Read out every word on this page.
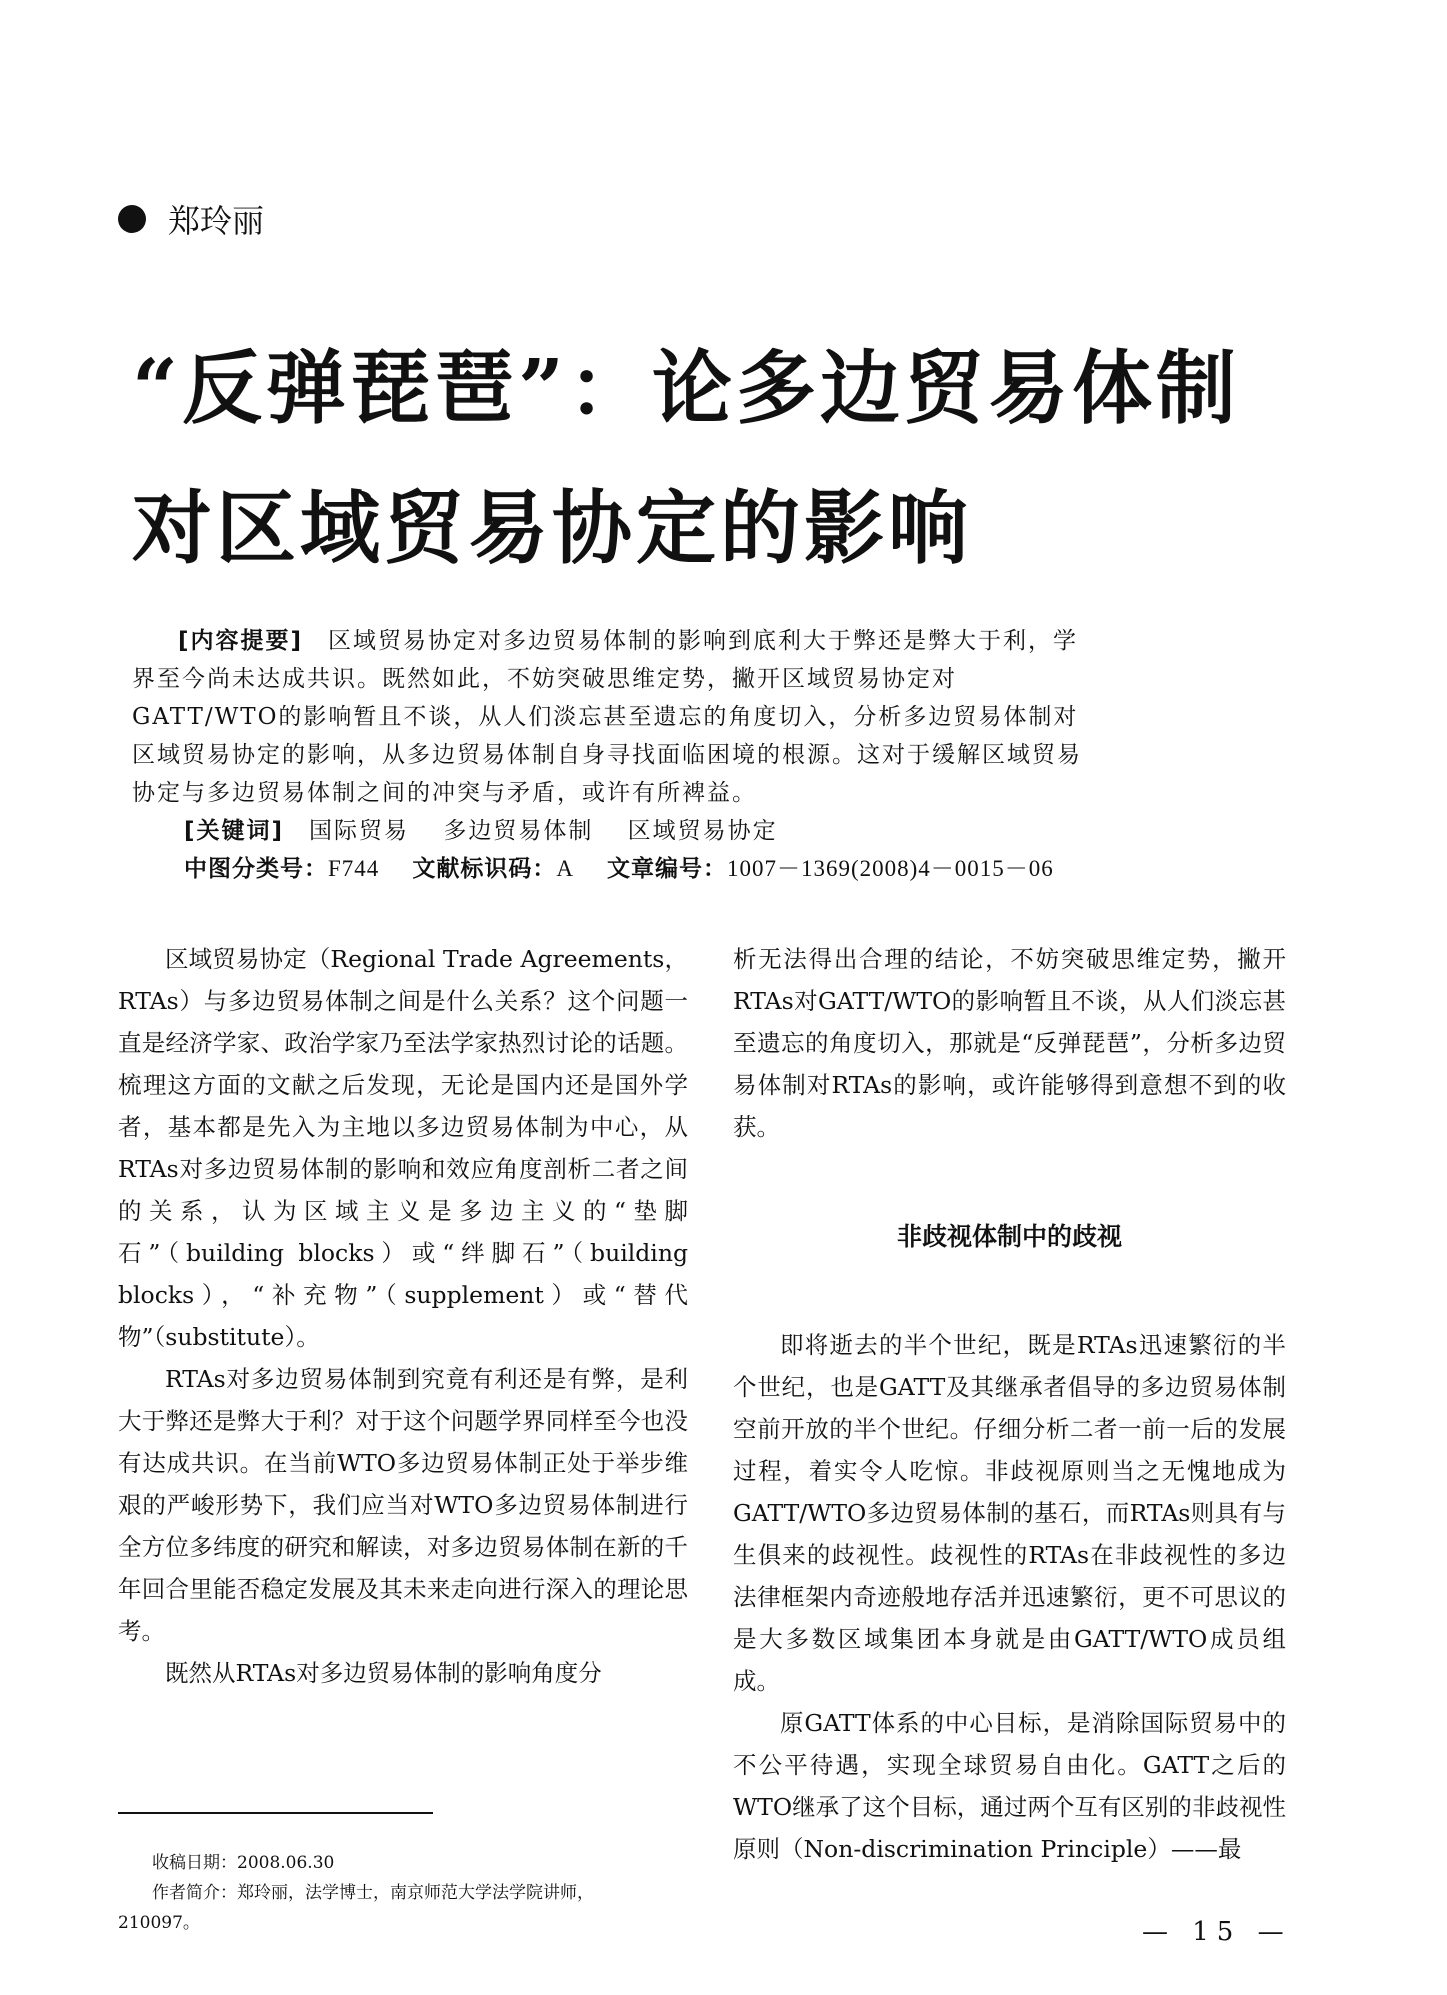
郑玲丽
“反弹琵琶”：论多边贸易体制
对区域贸易协定的影响
[内容提要]　 区域贸易协定对多边贸易体制的影响到底利大于弊还是弊大于利，学界至今尚未达成共识。既然如此，不妨突破思维定势，撇开区域贸易协定对GATT/WTO的影响暂且不谈，从人们淡忘甚至遗忘的角度切入，分析多边贸易体制对区域贸易协定的影响，从多边贸易体制自身寻找面临困境的根源。这对于缓解区域贸易协定与多边贸易体制之间的冲突与矛盾，或许有所裨益。
[关键词]　 国际贸易　 多边贸易体制　 区域贸易协定
中图分类号：F744　 文献标识码：A　 文章编号：1007－1369(2008)4－0015－06

区域贸易协定（Regional Trade Agreements，RTAs）与多边贸易体制之间是什么关系？这个问题一直是经济学家、政治学家乃至法学家热烈讨论的话题。梳理这方面的文献之后发现，无论是国内还是国外学者，基本都是先入为主地以多边贸易体制为中心，从RTAs对多边贸易体制的影响和效应角度剖析二者之间的关系，认为区域主义是多边主义的“垫脚石”（building blocks）或“绊脚石”（building blocks），“补充物”（supplement）或“替代物”（substitute）。

RTAs对多边贸易体制到究竟有利还是有弊，是利大于弊还是弊大于利？对于这个问题学界同样至今也没有达成共识。在当前WTO多边贸易体制正处于举步维艰的严峻形势下，我们应当对WTO多边贸易体制进行全方位多纬度的研究和解读，对多边贸易体制在新的千年回合里能否稳定发展及其未来走向进行深入的理论思考。

既然从RTAs对多边贸易体制的影响角度分

析无法得出合理的结论，不妨突破思维定势，撇开RTAs对GATT/WTO的影响暂且不谈，从人们淡忘甚至遗忘的角度切入，那就是“反弹琵琶”，分析多边贸易体制对RTAs的影响，或许能够得到意想不到的收获。

非歧视体制中的歧视

即将逝去的半个世纪，既是RTAs迅速繁衍的半个世纪，也是GATT及其继承者倡导的多边贸易体制空前开放的半个世纪。仔细分析二者一前一后的发展过程，着实令人吃惊。非歧视原则当之无愧地成为GATT/WTO多边贸易体制的基石，而RTAs则具有与生俱来的歧视性。歧视性的RTAs在非歧视性的多边法律框架内奇迹般地存活并迅速繁衍，更不可思议的是大多数区域集团本身就是由GATT/WTO成员组成。

原GATT体系的中心目标，是消除国际贸易中的不公平待遇，实现全球贸易自由化。GATT之后的WTO继承了这个目标，通过两个互有区别的非歧视性原则（Non-discrimination Principle）——最

收稿日期：2008.06.30
作者简介：郑玲丽，法学博士，南京师范大学法学院讲师，
210097。	— 15 —
